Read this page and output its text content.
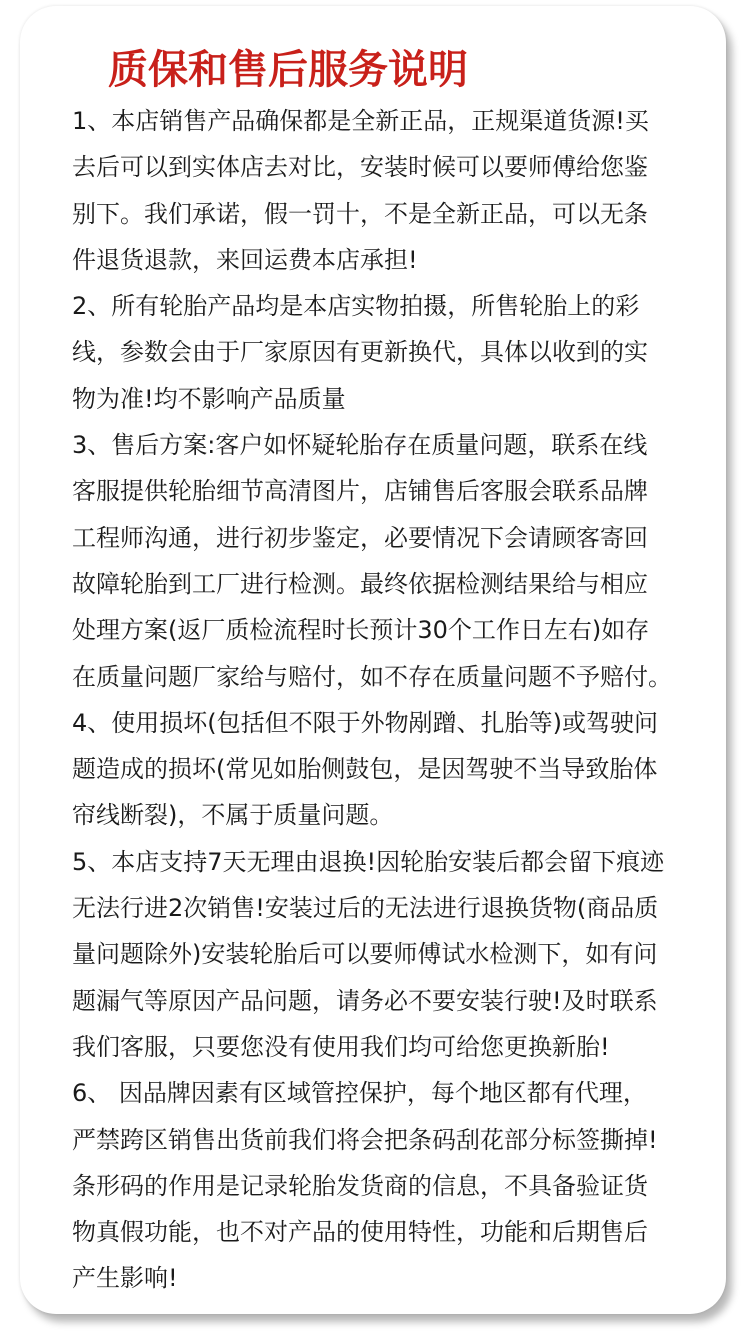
质保和售后服务说明
1、本店销售产品确保都是全新正品，正规渠道货源!买
去后可以到实体店去对比，安装时候可以要师傅给您鉴
别下。我们承诺，假一罚十，不是全新正品，可以无条
件退货退款，来回运费本店承担!
2、所有轮胎产品均是本店实物拍摄，所售轮胎上的彩
线，参数会由于厂家原因有更新换代，具体以收到的实
物为准!均不影响产品质量
3、售后方案:客户如怀疑轮胎存在质量问题，联系在线
客服提供轮胎细节高清图片，店铺售后客服会联系品牌
工程师沟通，进行初步鉴定，必要情况下会请顾客寄回
故障轮胎到工厂进行检测。最终依据检测结果给与相应
处理方案(返厂质检流程时长预计30个工作日左右)如存
在质量问题厂家给与赔付，如不存在质量问题不予赔付。
4、使用损坏(包括但不限于外物剐蹭、扎胎等)或驾驶问
题造成的损坏(常见如胎侧鼓包，是因驾驶不当导致胎体
帘线断裂)，不属于质量问题。
5、本店支持7天无理由退换!因轮胎安装后都会留下痕迹
无法行进2次销售!安装过后的无法进行退换货物(商品质
量问题除外)安装轮胎后可以要师傅试水检测下，如有问
题漏气等原因产品问题，请务必不要安装行驶!及时联系
我们客服，只要您没有使用我们均可给您更换新胎!
6、 因品牌因素有区域管控保护，每个地区都有代理，
严禁跨区销售出货前我们将会把条码刮花部分标签撕掉!
条形码的作用是记录轮胎发货商的信息，不具备验证货
物真假功能，也不对产品的使用特性，功能和后期售后
产生影响!
